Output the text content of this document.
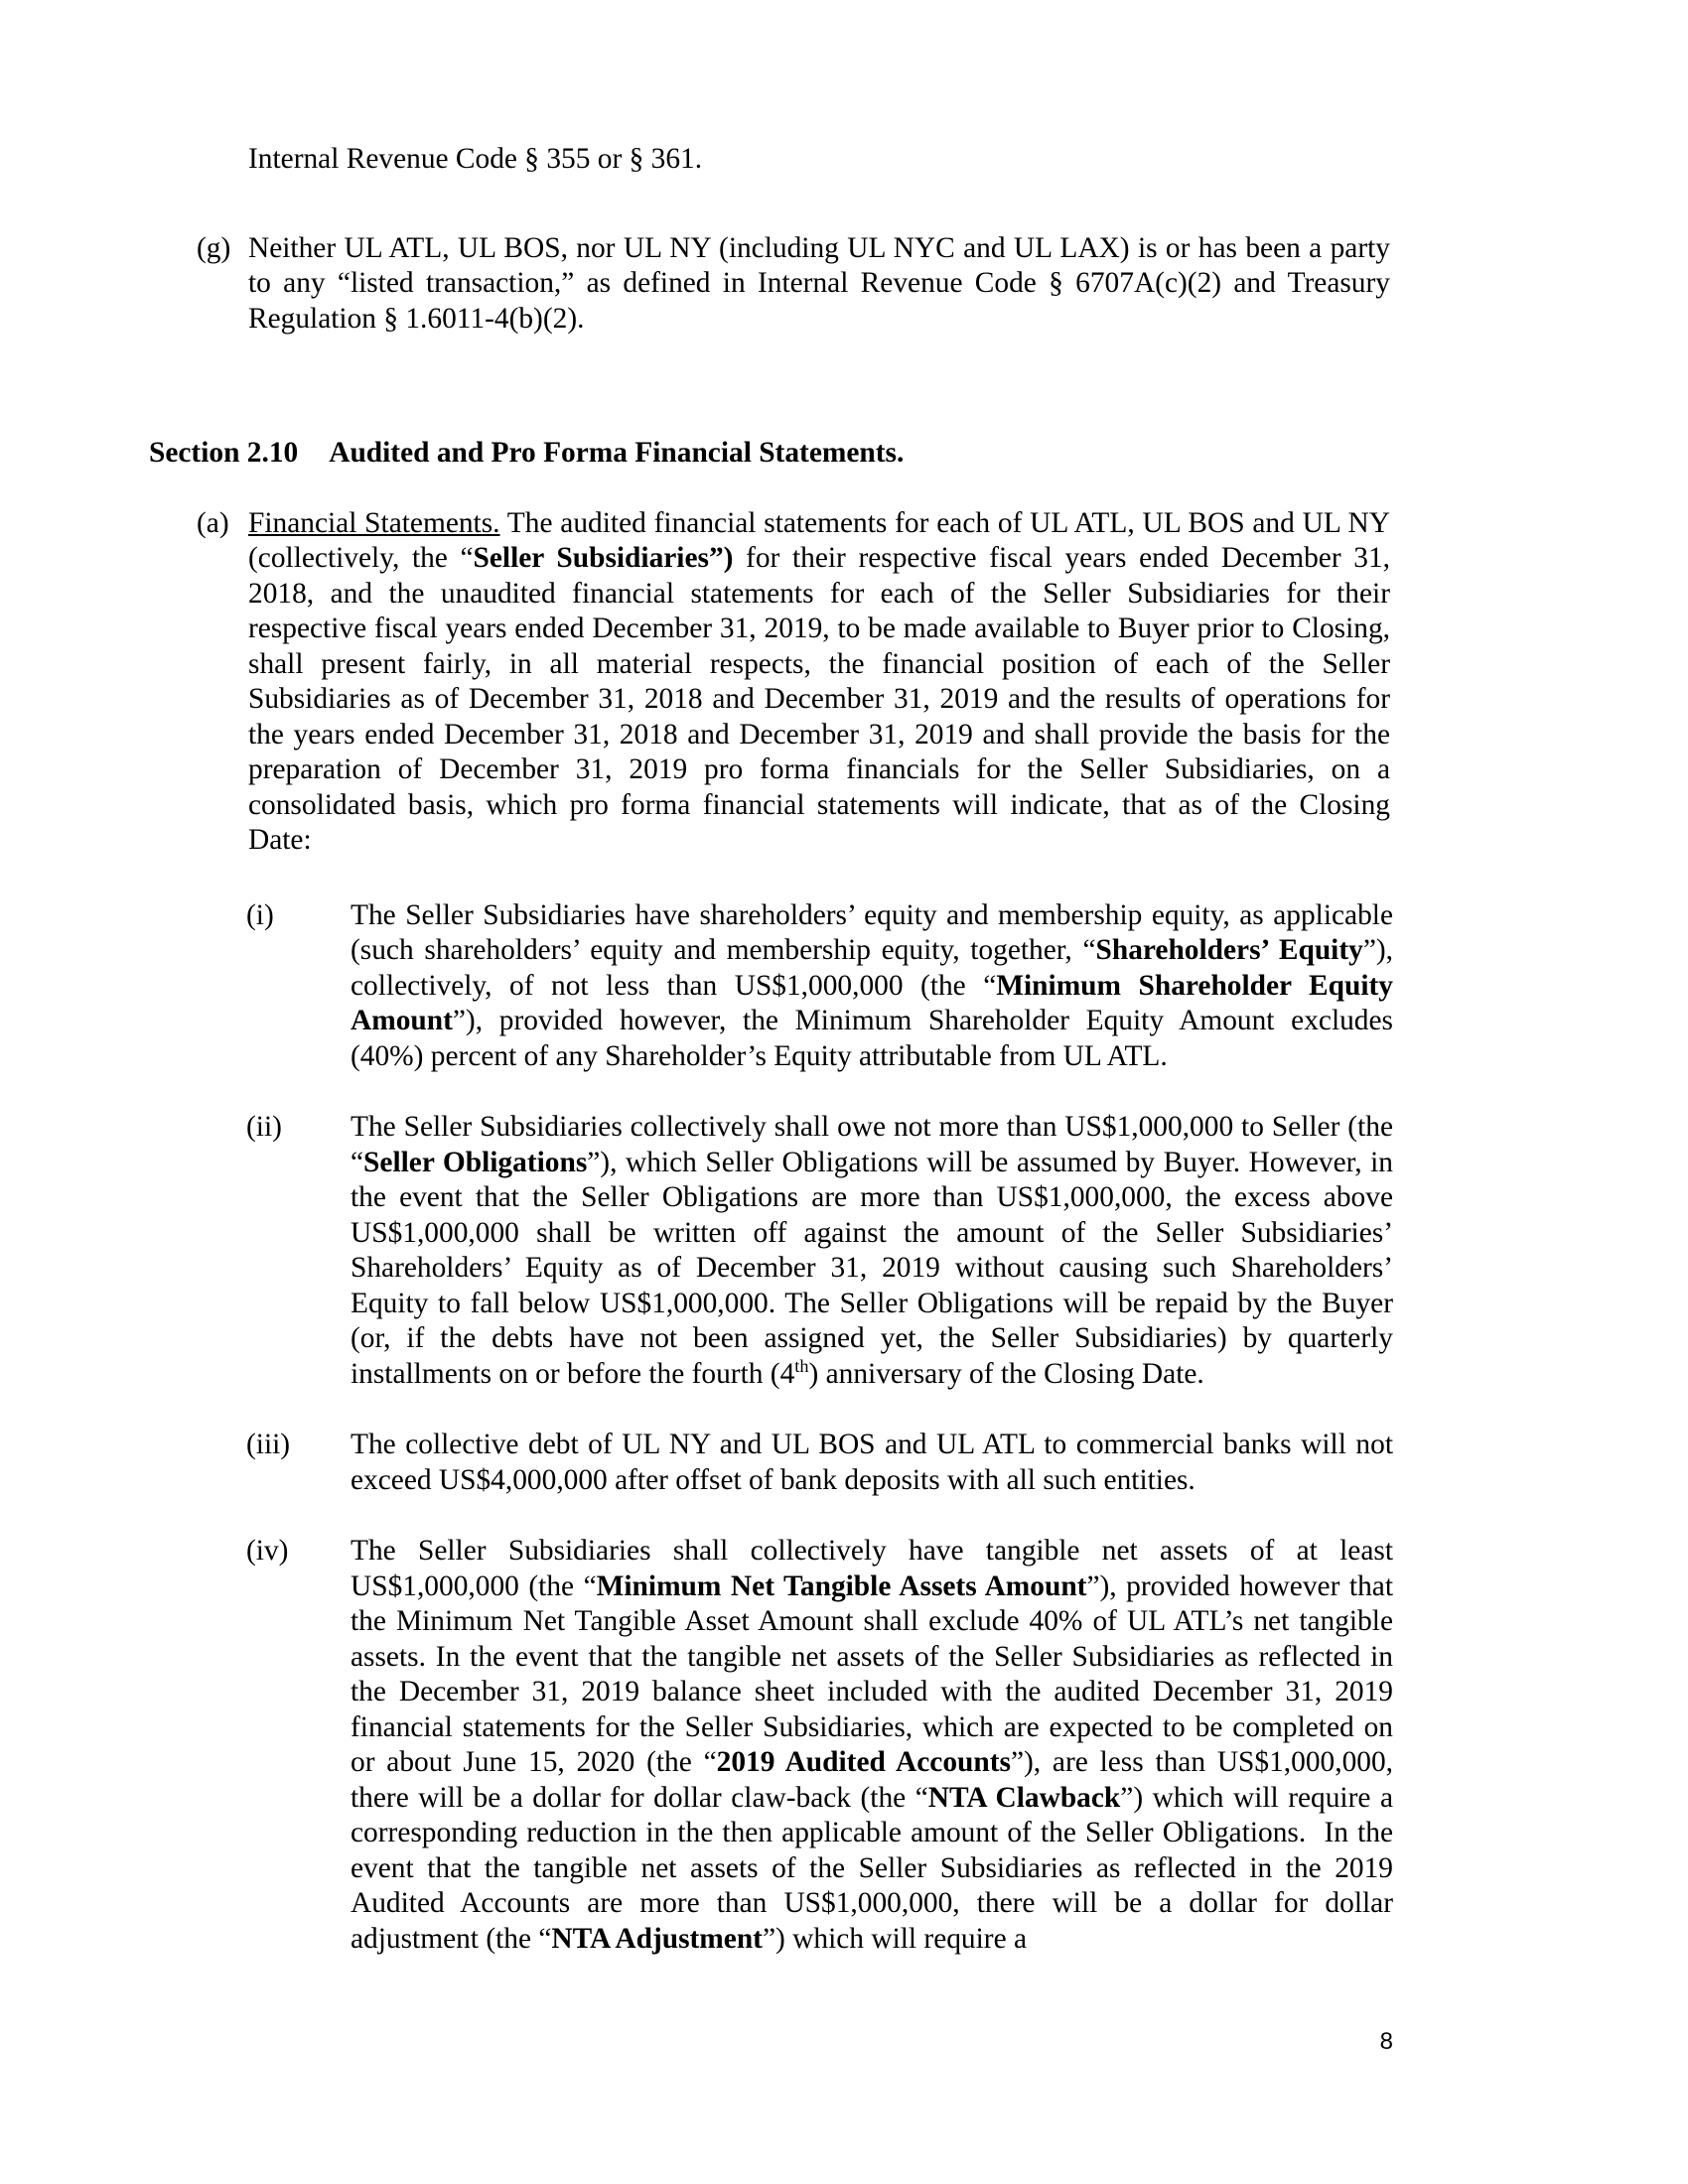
Internal Revenue Code § 355 or § 361.

(g) Neither UL ATL, UL BOS, nor UL NY (including UL NYC and UL LAX) is or has been a party to any “listed transaction,” as defined in Internal Revenue Code § 6707A(c)(2) and Treasury Regulation § 1.6011-4(b)(2).
Section 2.10 Audited and Pro Forma Financial Statements.
(a) Financial Statements. The audited financial statements for each of UL ATL, UL BOS and UL NY (collectively, the “Seller Subsidiaries”) for their respective fiscal years ended December 31, 2018, and the unaudited financial statements for each of the Seller Subsidiaries for their respective fiscal years ended December 31, 2019, to be made available to Buyer prior to Closing, shall present fairly, in all material respects, the financial position of each of the Seller Subsidiaries as of December 31, 2018 and December 31, 2019 and the results of operations for the years ended December 31, 2018 and December 31, 2019 and shall provide the basis for the preparation of December 31, 2019 pro forma financials for the Seller Subsidiaries, on a consolidated basis, which pro forma financial statements will indicate, that as of the Closing Date:
(i)	The Seller Subsidiaries have shareholders’ equity and membership equity, as applicable (such shareholders’ equity and membership equity, together, “Shareholders’ Equity”), collectively, of not less than US$1,000,000 (the “Minimum Shareholder Equity Amount”), provided however, the Minimum Shareholder Equity Amount excludes (40%) percent of any Shareholder’s Equity attributable from UL ATL.
(ii)	The Seller Subsidiaries collectively shall owe not more than US$1,000,000 to Seller (the “Seller Obligations”), which Seller Obligations will be assumed by Buyer. However, in the event that the Seller Obligations are more than US$1,000,000, the excess above US$1,000,000 shall be written off against the amount of the Seller Subsidiaries’ Shareholders’ Equity as of December 31, 2019 without causing such Shareholders’ Equity to fall below US$1,000,000. The Seller Obligations will be repaid by the Buyer (or, if the debts have not been assigned yet, the Seller Subsidiaries) by quarterly installments on or before the fourth (4th) anniversary of the Closing Date.
(iii)	The collective debt of UL NY and UL BOS and UL ATL to commercial banks will not exceed US$4,000,000 after offset of bank deposits with all such entities.
(iv)	The Seller Subsidiaries shall collectively have tangible net assets of at least US$1,000,000 (the “Minimum Net Tangible Assets Amount”), provided however that the Minimum Net Tangible Asset Amount shall exclude 40% of UL ATL’s net tangible assets. In the event that the tangible net assets of the Seller Subsidiaries as reflected in the December 31, 2019 balance sheet included with the audited December 31, 2019 financial statements for the Seller Subsidiaries, which are expected to be completed on or about June 15, 2020 (the “2019 Audited Accounts”), are less than US$1,000,000, there will be a dollar for dollar claw-back (the “NTA Clawback”) which will require a corresponding reduction in the then applicable amount of the Seller Obligations.  In the event that the tangible net assets of the Seller Subsidiaries as reflected in the 2019 Audited Accounts are more than US$1,000,000, there will be a dollar for dollar adjustment (the “NTA Adjustment”) which will require a
8
